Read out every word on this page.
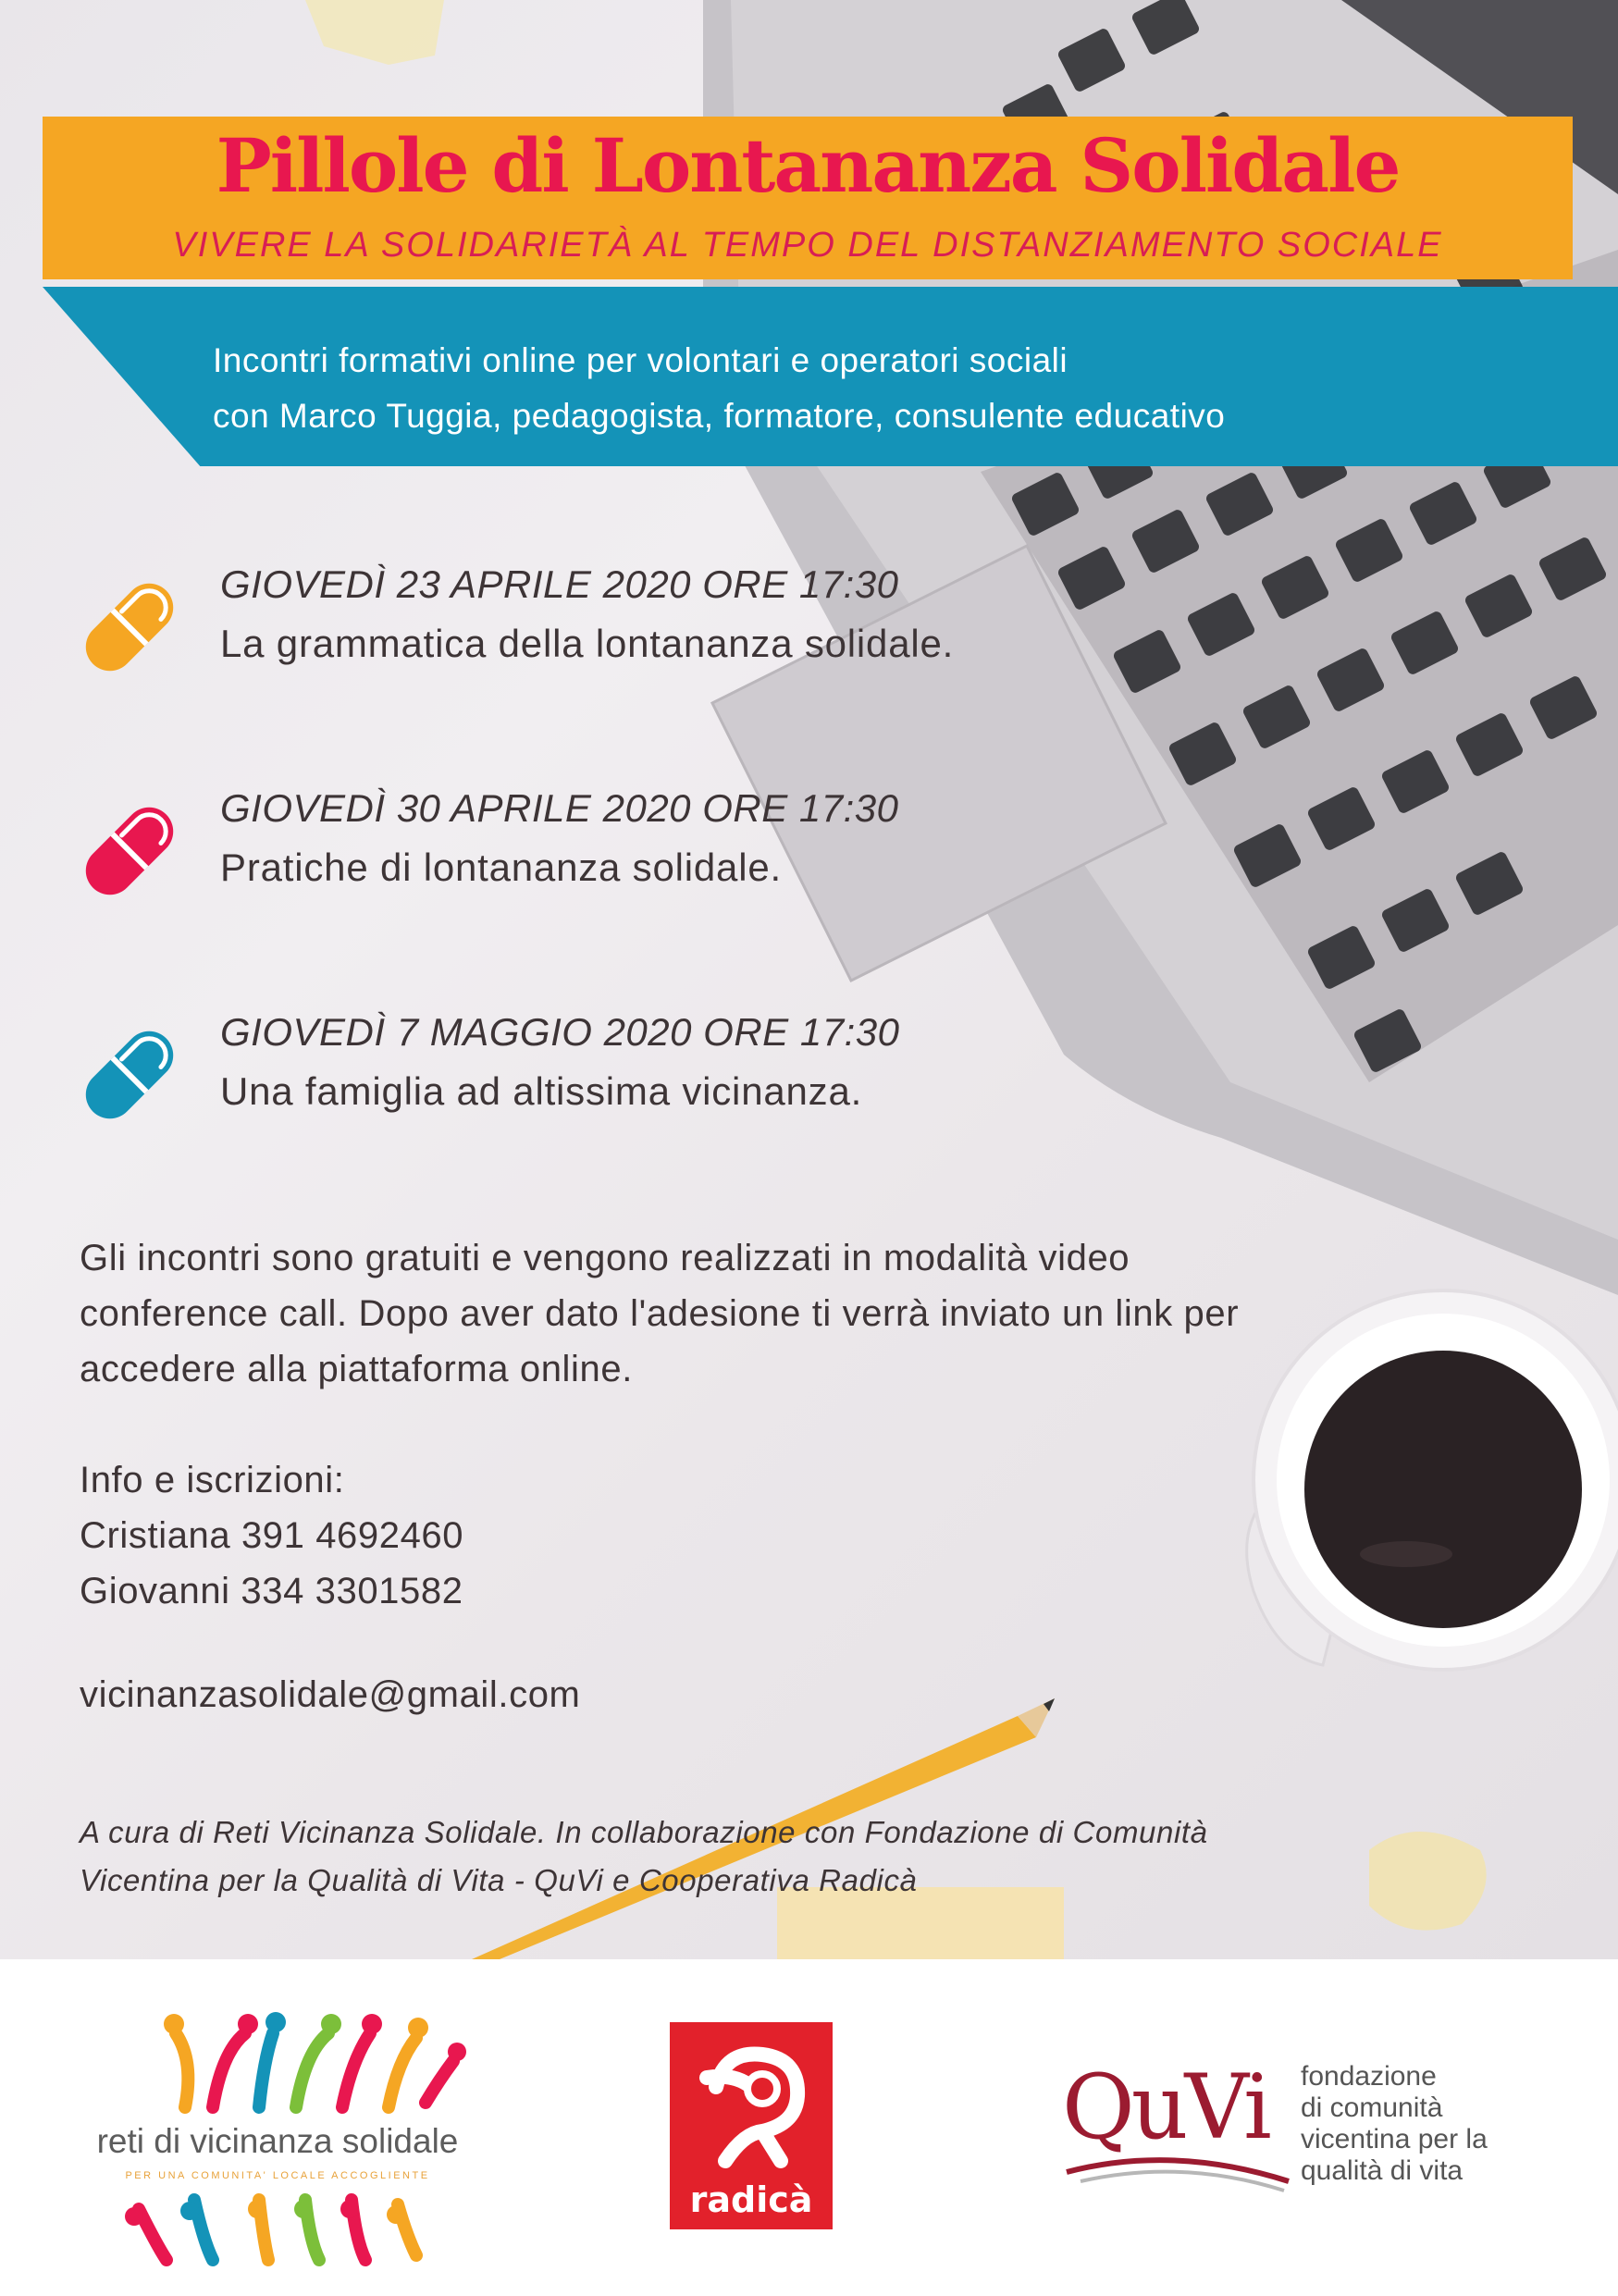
Pillole di Lontananza Solidale
VIVERE LA SOLIDARIETÀ AL TEMPO DEL DISTANZIAMENTO SOCIALE
Incontri formativi online per volontari e operatori sociali
con Marco Tuggia, pedagogista, formatore, consulente educativo
GIOVEDÌ 23 APRILE 2020 ORE 17:30
La grammatica della lontananza solidale.
GIOVEDÌ 30 APRILE 2020 ORE 17:30
Pratiche di lontananza solidale.
GIOVEDÌ 7 MAGGIO 2020 ORE 17:30
Una famiglia ad altissima vicinanza.
Gli incontri sono gratuiti e vengono realizzati in modalità video
conference call. Dopo aver dato l'adesione ti verrà inviato un link per
accedere alla piattaforma online.
Info e iscrizioni:
Cristiana 391 4692460
Giovanni 334 3301582
vicinanzasolidale@gmail.com
A cura di Reti Vicinanza Solidale. In collaborazione con Fondazione di Comunità
Vicentina per la Qualità di Vita - QuVi e Cooperativa Radicà
reti di vicinanza solidale
PER UNA COMUNITA' LOCALE ACCOGLIENTE
radicà
QuVi fondazione
di comunità
vicentina per la
qualità di vita
